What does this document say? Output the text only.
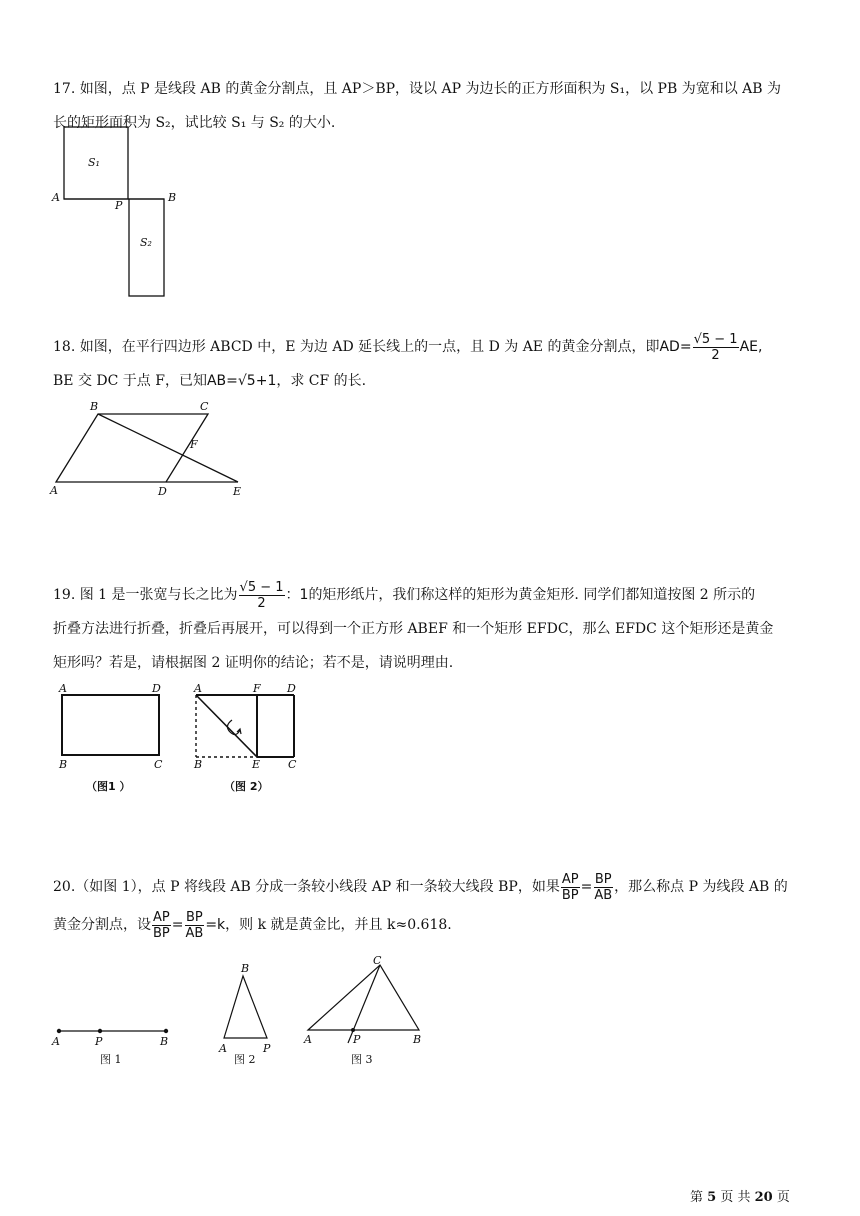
17. 如图，点 P 是线段 AB 的黄金分割点，且 AP＞BP，设以 AP 为边长的正方形面积为 S₁，以 PB 为宽和以 AB 为
长的矩形面积为 S₂，试比较 S₁ 与 S₂ 的大小.
A
P
B
S₁
S₂
18. 如图，在平行四边形 ABCD 中，E 为边 AD 延长线上的一点，且 D 为 AE 的黄金分割点，即$AD= \frac{√5 - 1}{2}$ AE,
BE 交 DC 于点 F，已知AB=√5+1，求 CF 的长.
A
B	C
D	E
F
19. 图 1 是一张宽与长之比为 $\frac{√5 - 1}{2}$ ：1的矩形纸片，我们称这样的矩形为黄金矩形. 同学们都知道按图 2 所示的
折叠方法进行折叠，折叠后再展开，可以得到一个正方形 ABEF 和一个矩形 EFDC，那么 EFDC 这个矩形还是黄金
矩形吗？若是，请根据图 2 证明你的结论；若不是，请说明理由.
A	D
B	C
（图1 ）
A	F D
B	E	C
（图 2）
20.（如图 1），点 P 将线段 AB 分成一条较小线段 AP 和一条较大线段 BP，如果 $\frac{AP}{BP} = \frac{BP}{AB}$ ，那么称点 P 为线段 AB 的
黄金分割点，设 $\frac{AP}{BP} = \frac{BP}{AB} =k$，则 k 就是黄金比，并且 k≈0.618.
A	P	B
图 1
B
A	P
图 2
C
A	P	B
图 3
第 5 页 共 20 页
